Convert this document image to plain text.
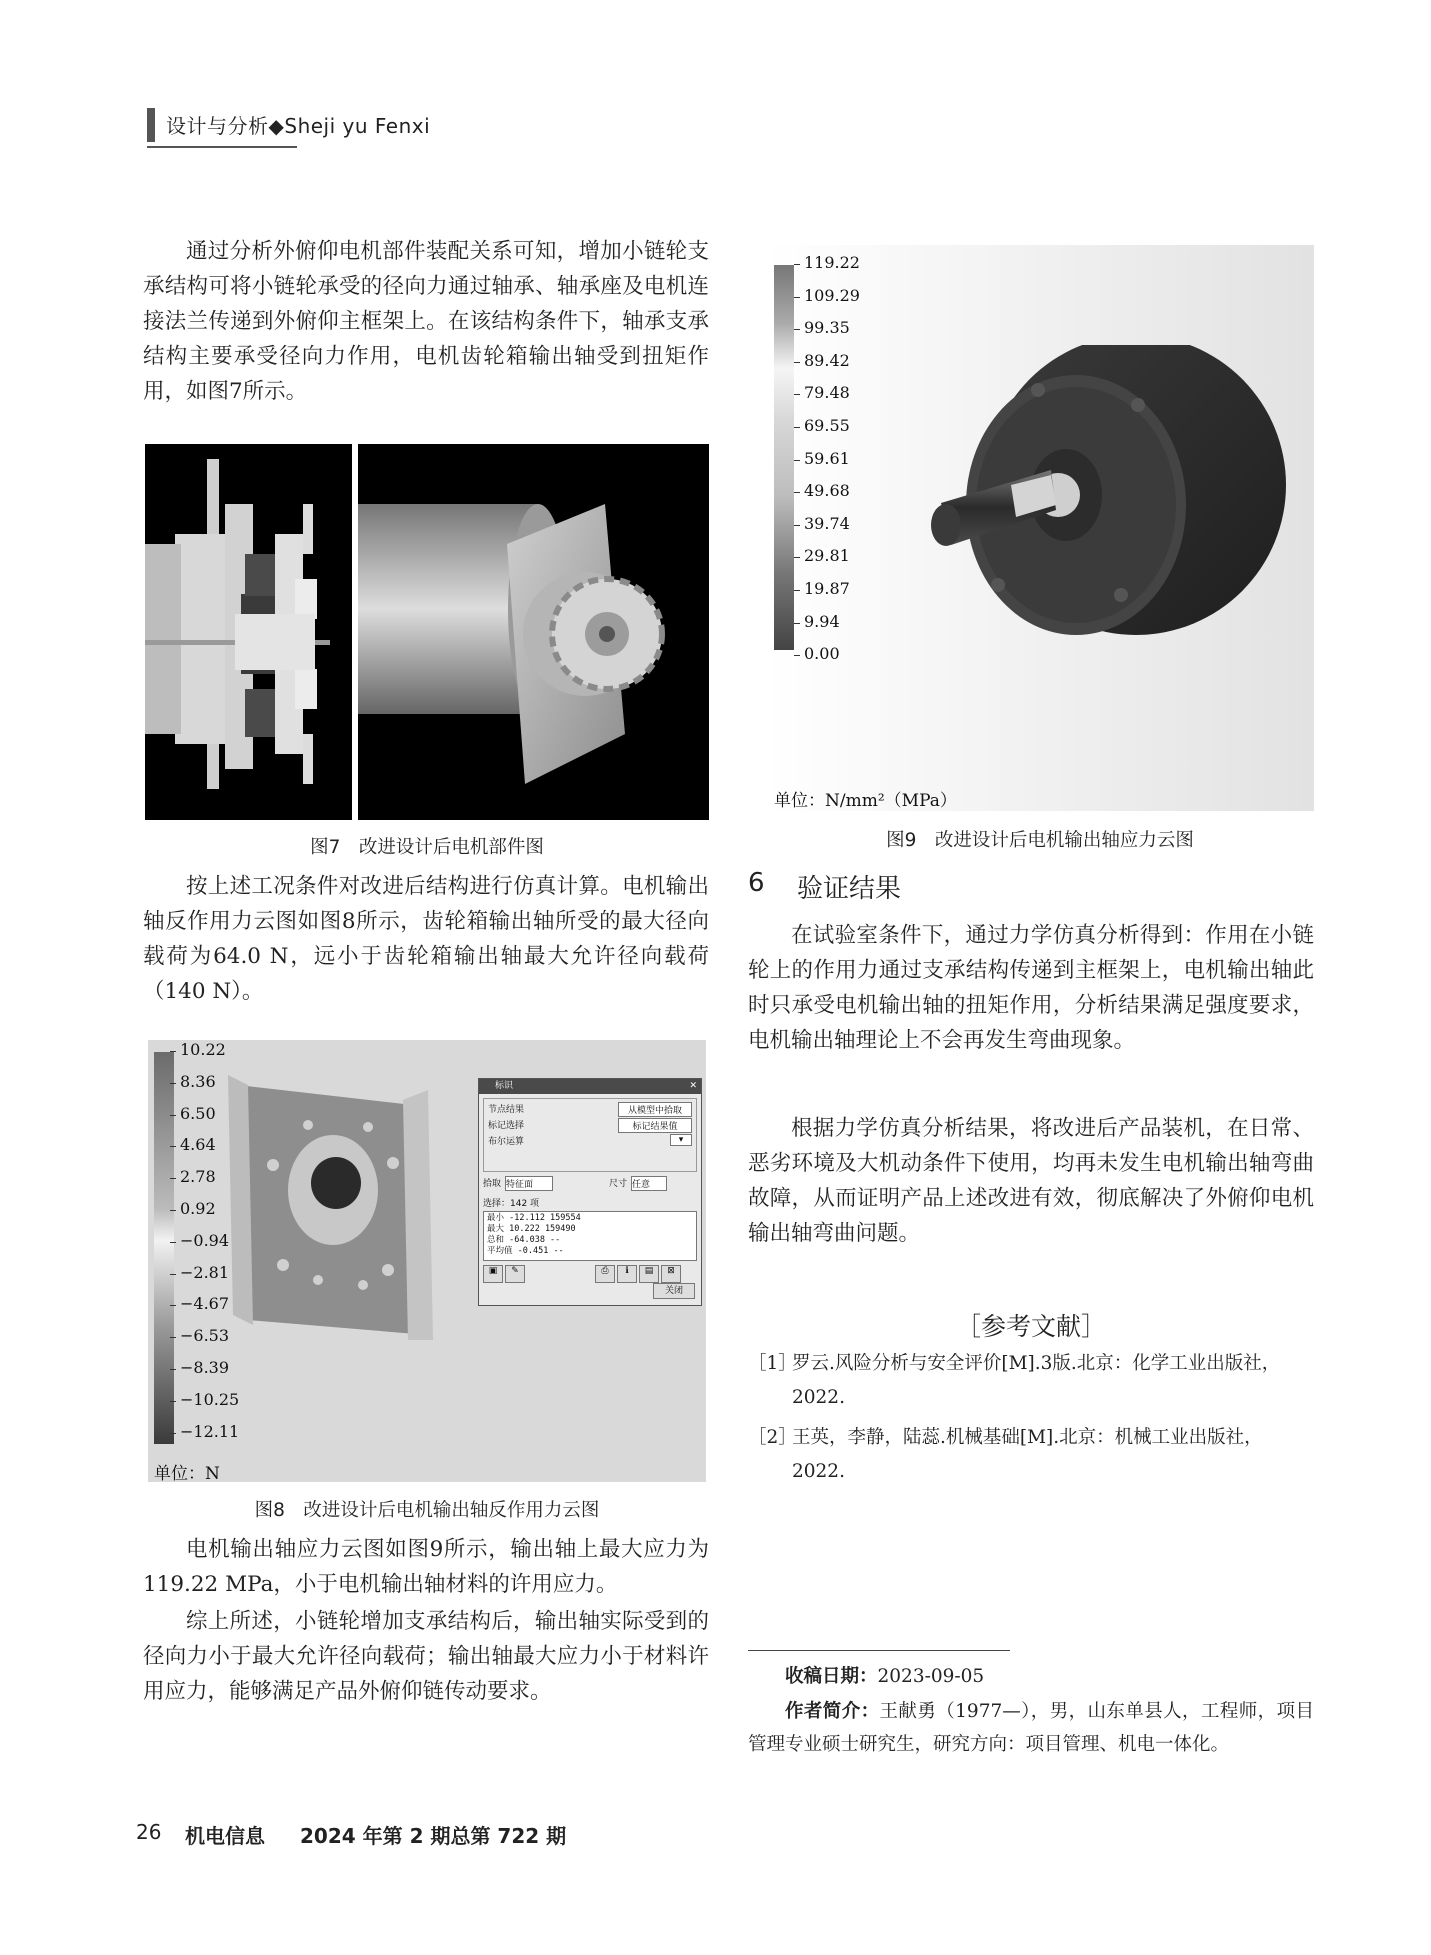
设计与分析◆Sheji yu Fenxi
通过分析外俯仰电机部件装配关系可知，增加小链轮支承结构可将小链轮承受的径向力通过轴承、轴承座及电机连接法兰传递到外俯仰主框架上。在该结构条件下，轴承支承结构主要承受径向力作用，电机齿轮箱输出轴受到扭矩作用，如图7所示。
图7　改进设计后电机部件图
按上述工况条件对改进后结构进行仿真计算。电机输出轴反作用力云图如图8所示，齿轮箱输出轴所受的最大径向载荷为64.0 N，远小于齿轮箱输出轴最大允许径向载荷（140 N）。
10.22
8.36
6.50
4.64
2.78
0.92
−0.94
−2.81
−4.67
−6.53
−8.39
−10.25
−12.11
单位：N
标识	✕
节点结果	从模型中拾取
标记选择	标记结果值
布尔运算	▾
拾取 特征面	尺寸 任意
选择：142 项
最小 -12.112 159554
最大 10.222 159490
总和 -64.038 --
平均值 -0.451 --
▣	✎	⎙	ℹ	▤	⊠
关闭
图8　改进设计后电机输出轴反作用力云图
电机输出轴应力云图如图9所示，输出轴上最大应力为119.22 MPa，小于电机输出轴材料的许用应力。
综上所述，小链轮增加支承结构后，输出轴实际受到的径向力小于最大允许径向载荷；输出轴最大应力小于材料许用应力，能够满足产品外俯仰链传动要求。
119.22
109.29
99.35
89.42
79.48
69.55
59.61
49.68
39.74
29.81
19.87
9.94
0.00
单位：N/mm²（MPa）
图9　改进设计后电机输出轴应力云图
6 验证结果
在试验室条件下，通过力学仿真分析得到：作用在小链轮上的作用力通过支承结构传递到主框架上，电机输出轴此时只承受电机输出轴的扭矩作用，分析结果满足强度要求，电机输出轴理论上不会再发生弯曲现象。
根据力学仿真分析结果，将改进后产品装机，在日常、恶劣环境及大机动条件下使用，均再未发生电机输出轴弯曲故障，从而证明产品上述改进有效，彻底解决了外俯仰电机输出轴弯曲问题。
［参考文献］
［1］
罗云.风险分析与安全评价[M].3版.北京：化学工业出版社，2022.
［2］
王英，李静，陆蕊.机械基础[M].北京：机械工业出版社，2022.
收稿日期：2023-09-05
作者简介：王献勇（1977—），男，山东单县人，工程师，项目管理专业硕士研究生，研究方向：项目管理、机电一体化。
26 机电信息 2024 年第 2 期总第 722 期
